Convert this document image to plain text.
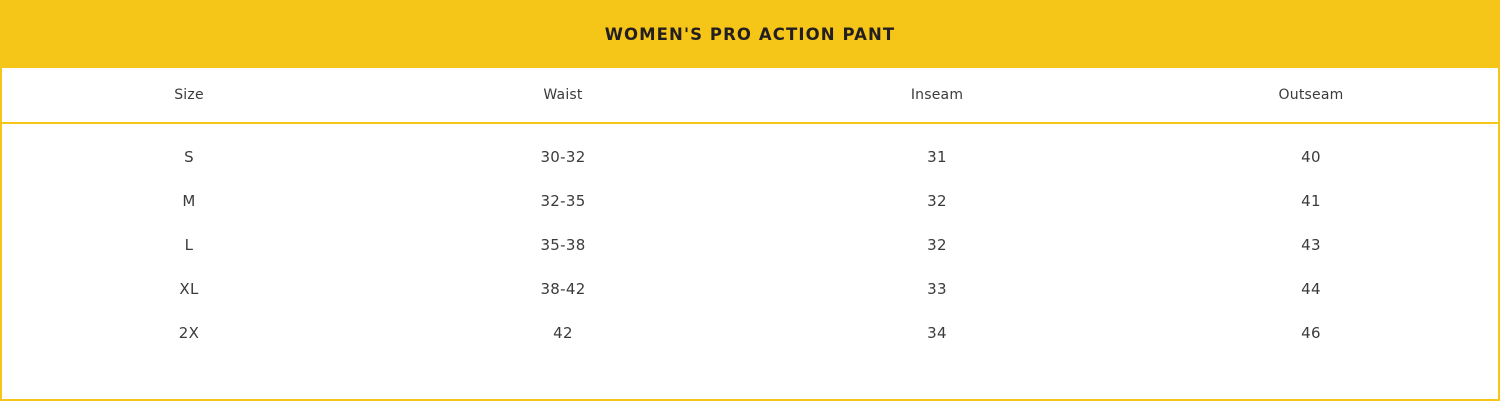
WOMEN'S PRO ACTION PANT
Size	Waist	Inseam	Outseam
S	30-32	31	40
M	32-35	32	41
L	35-38	32	43
XL	38-42	33	44
2X	42	34	46
